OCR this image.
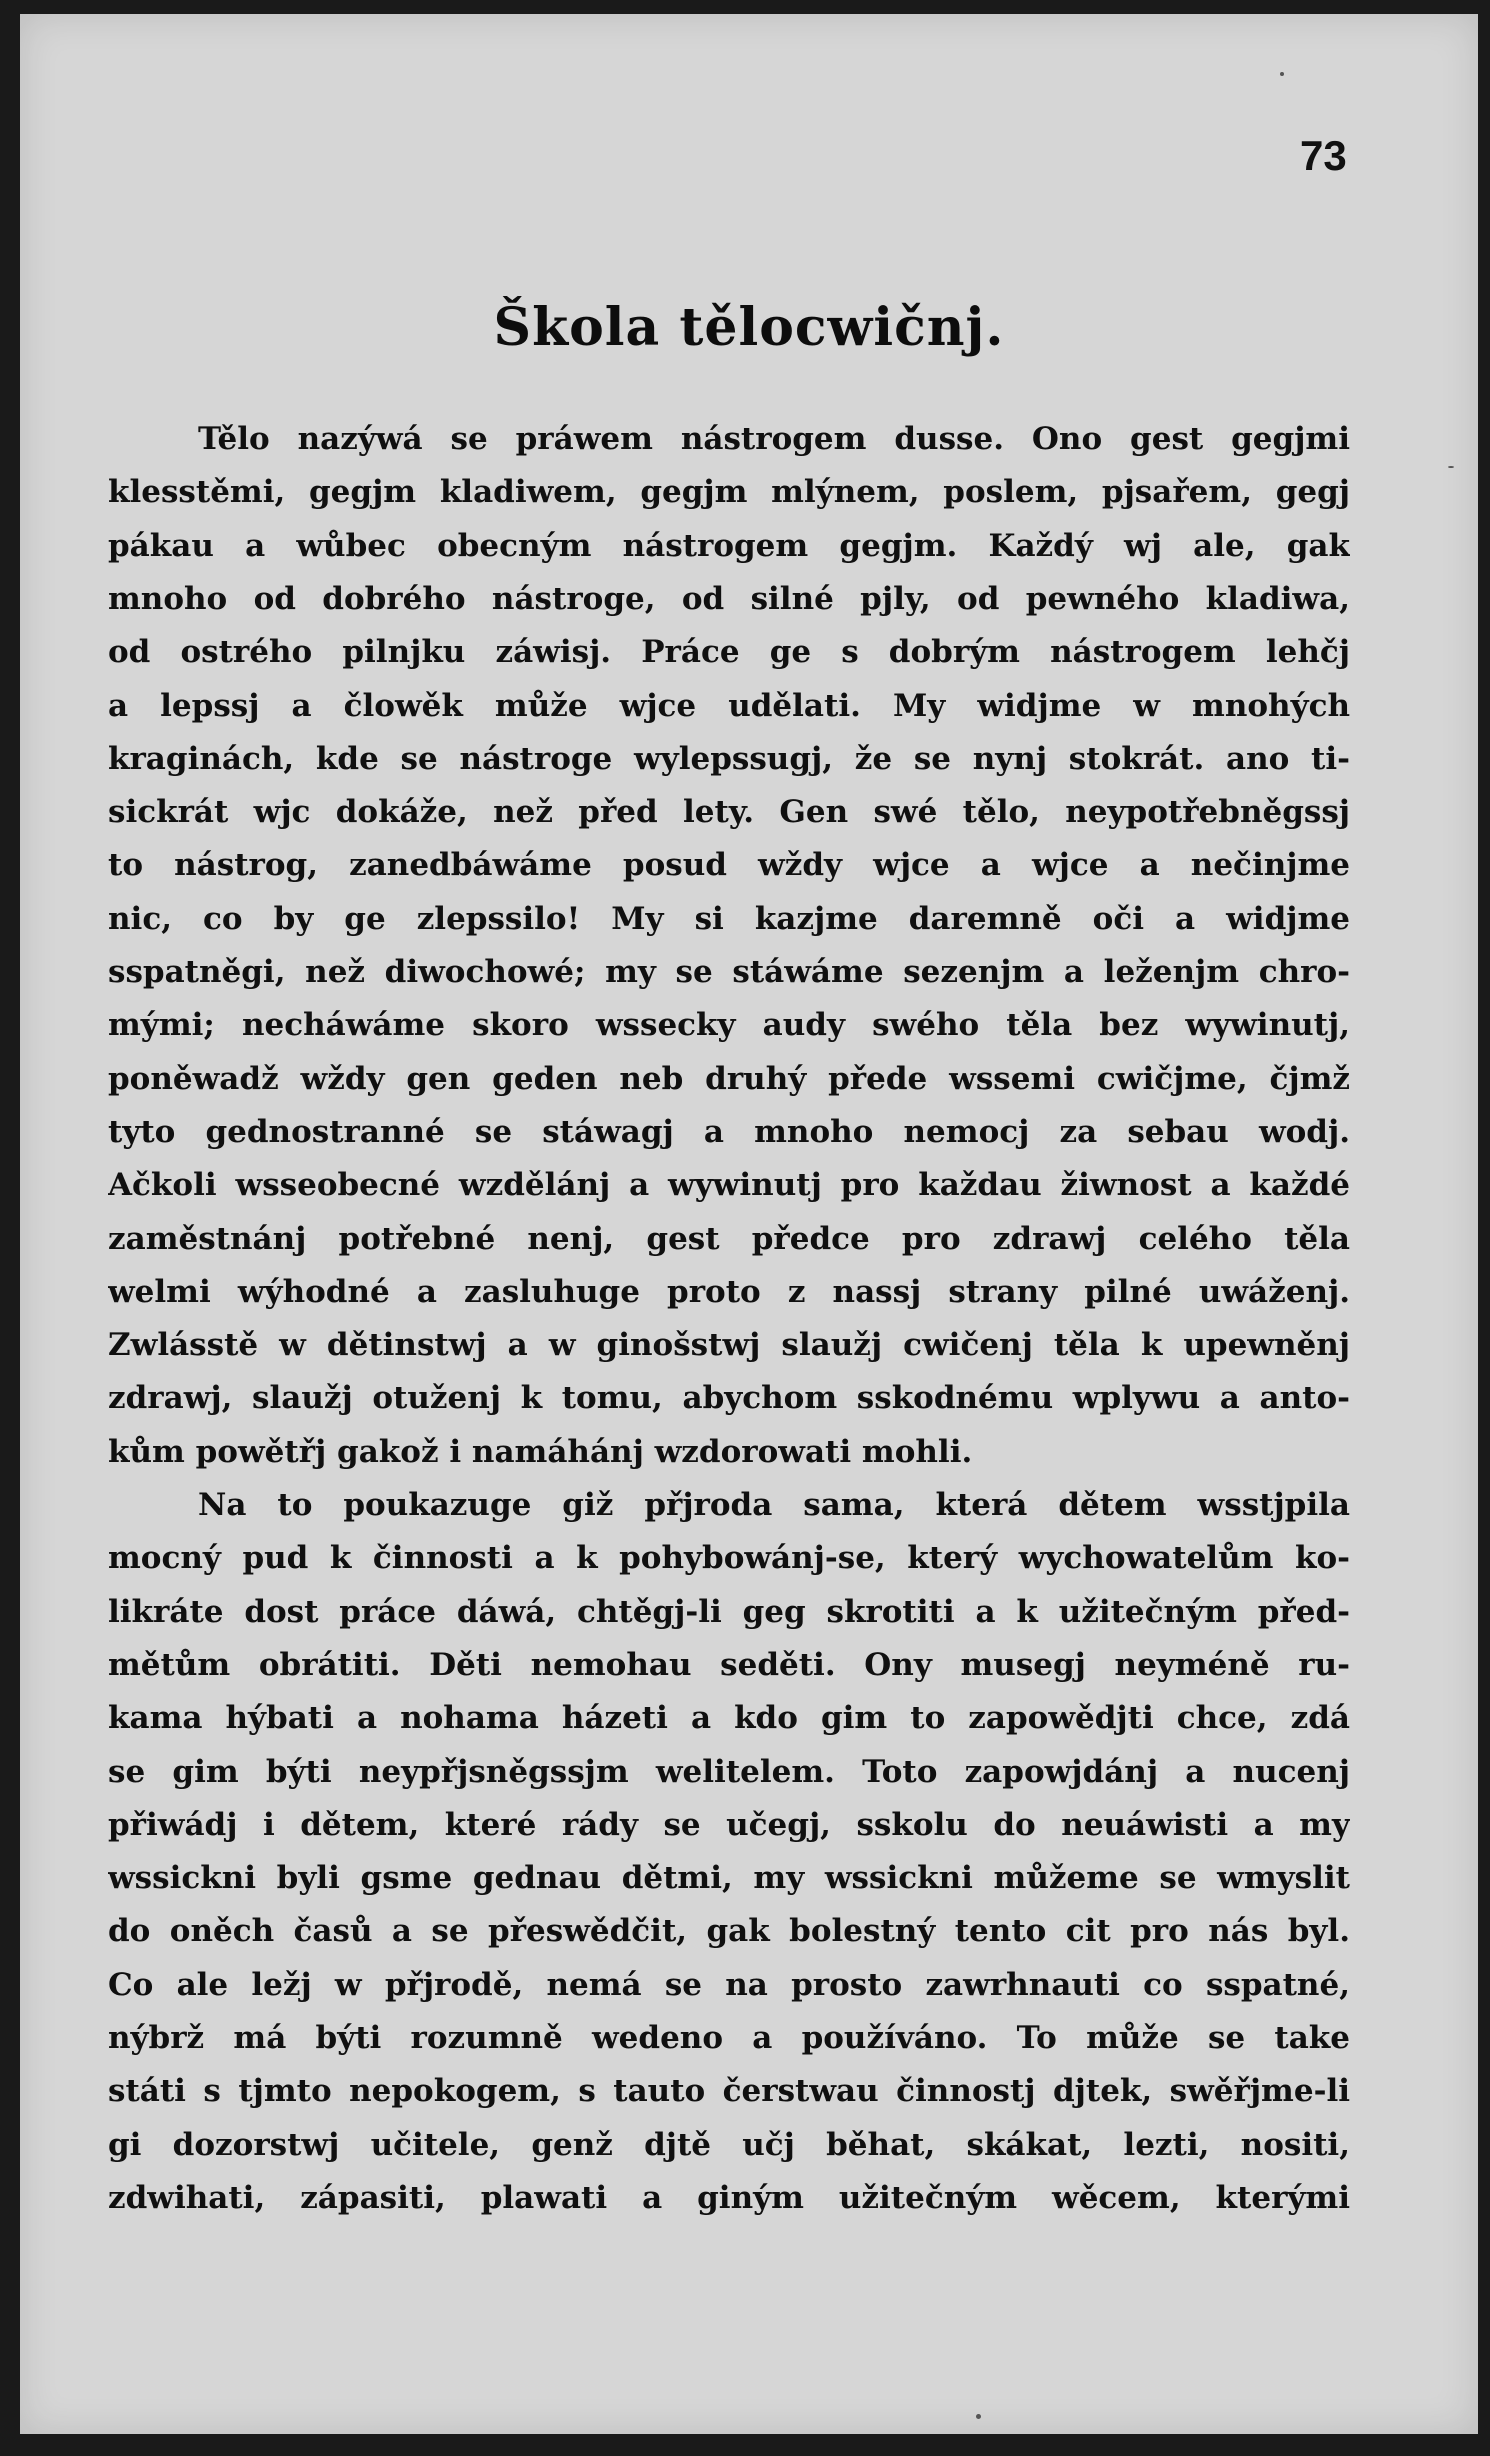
73
Škola tělocwičnj.
Tělo nazýwá se práwem nástrogem dusse. Ono gest gegjmi
klesstěmi, gegjm kladiwem, gegjm mlýnem, poslem, pjsařem, gegj
pákau a wůbec obecným nástrogem gegjm. Každý wj ale, gak
mnoho od dobrého nástroge, od silné pjly, od pewného kladiwa,
od ostrého pilnjku záwisj. Práce ge s dobrým nástrogem lehčj
a lepssj a člowěk může wjce udělati. My widjme w mnohých
kraginách, kde se nástroge wylepssugj, že se nynj stokrát. ano ti-
sickrát wjc dokáže, než před lety. Gen swé tělo, neypotřebněgssj
to nástrog, zanedbáwáme posud wždy wjce a wjce a nečinjme
nic, co by ge zlepssilo! My si kazjme daremně oči a widjme
sspatněgi, než diwochowé; my se stáwáme sezenjm a leženjm chro-
mými; necháwáme skoro wssecky audy swého těla bez wywinutj,
poněwadž wždy gen geden neb druhý přede wssemi cwičjme, čjmž
tyto gednostranné se stáwagj a mnoho nemocj za sebau wodj.
Ačkoli wsseobecné wzdělánj a wywinutj pro každau žiwnost a každé
zaměstnánj potřebné nenj, gest předce pro zdrawj celého těla
welmi wýhodné a zasluhuge proto z nassj strany pilné uwáženj.
Zwlásstě w dětinstwj a w ginošstwj slaužj cwičenj těla k upewněnj
zdrawj, slaužj otuženj k tomu, abychom sskodnému wplywu a anto-
kům powětřj gakož i namáhánj wzdorowati mohli.
Na to poukazuge giž přjroda sama, která dětem wsstjpila
mocný pud k činnosti a k pohybowánj-se, který wychowatelům ko-
likráte dost práce dáwá, chtěgj-li geg skrotiti a k užitečným před-
mětům obrátiti. Děti nemohau seděti. Ony musegj neyméně ru-
kama hýbati a nohama házeti a kdo gim to zapowědjti chce, zdá
se gim býti neypřjsněgssjm welitelem. Toto zapowjdánj a nucenj
přiwádj i dětem, které rády se učegj, sskolu do neuáwisti a my
wssickni byli gsme gednau dětmi, my wssickni můžeme se wmyslit
do oněch časů a se přeswědčit, gak bolestný tento cit pro nás byl.
Co ale ležj w přjrodě, nemá se na prosto zawrhnauti co sspatné,
nýbrž má býti rozumně wedeno a používáno. To může se take
státi s tjmto nepokogem, s tauto čerstwau činnostj djtek, swěřjme-li
gi dozorstwj učitele, genž djtě učj běhat, skákat, lezti, nositi,
zdwihati, zápasiti, plawati a giným užitečným wěcem, kterými
